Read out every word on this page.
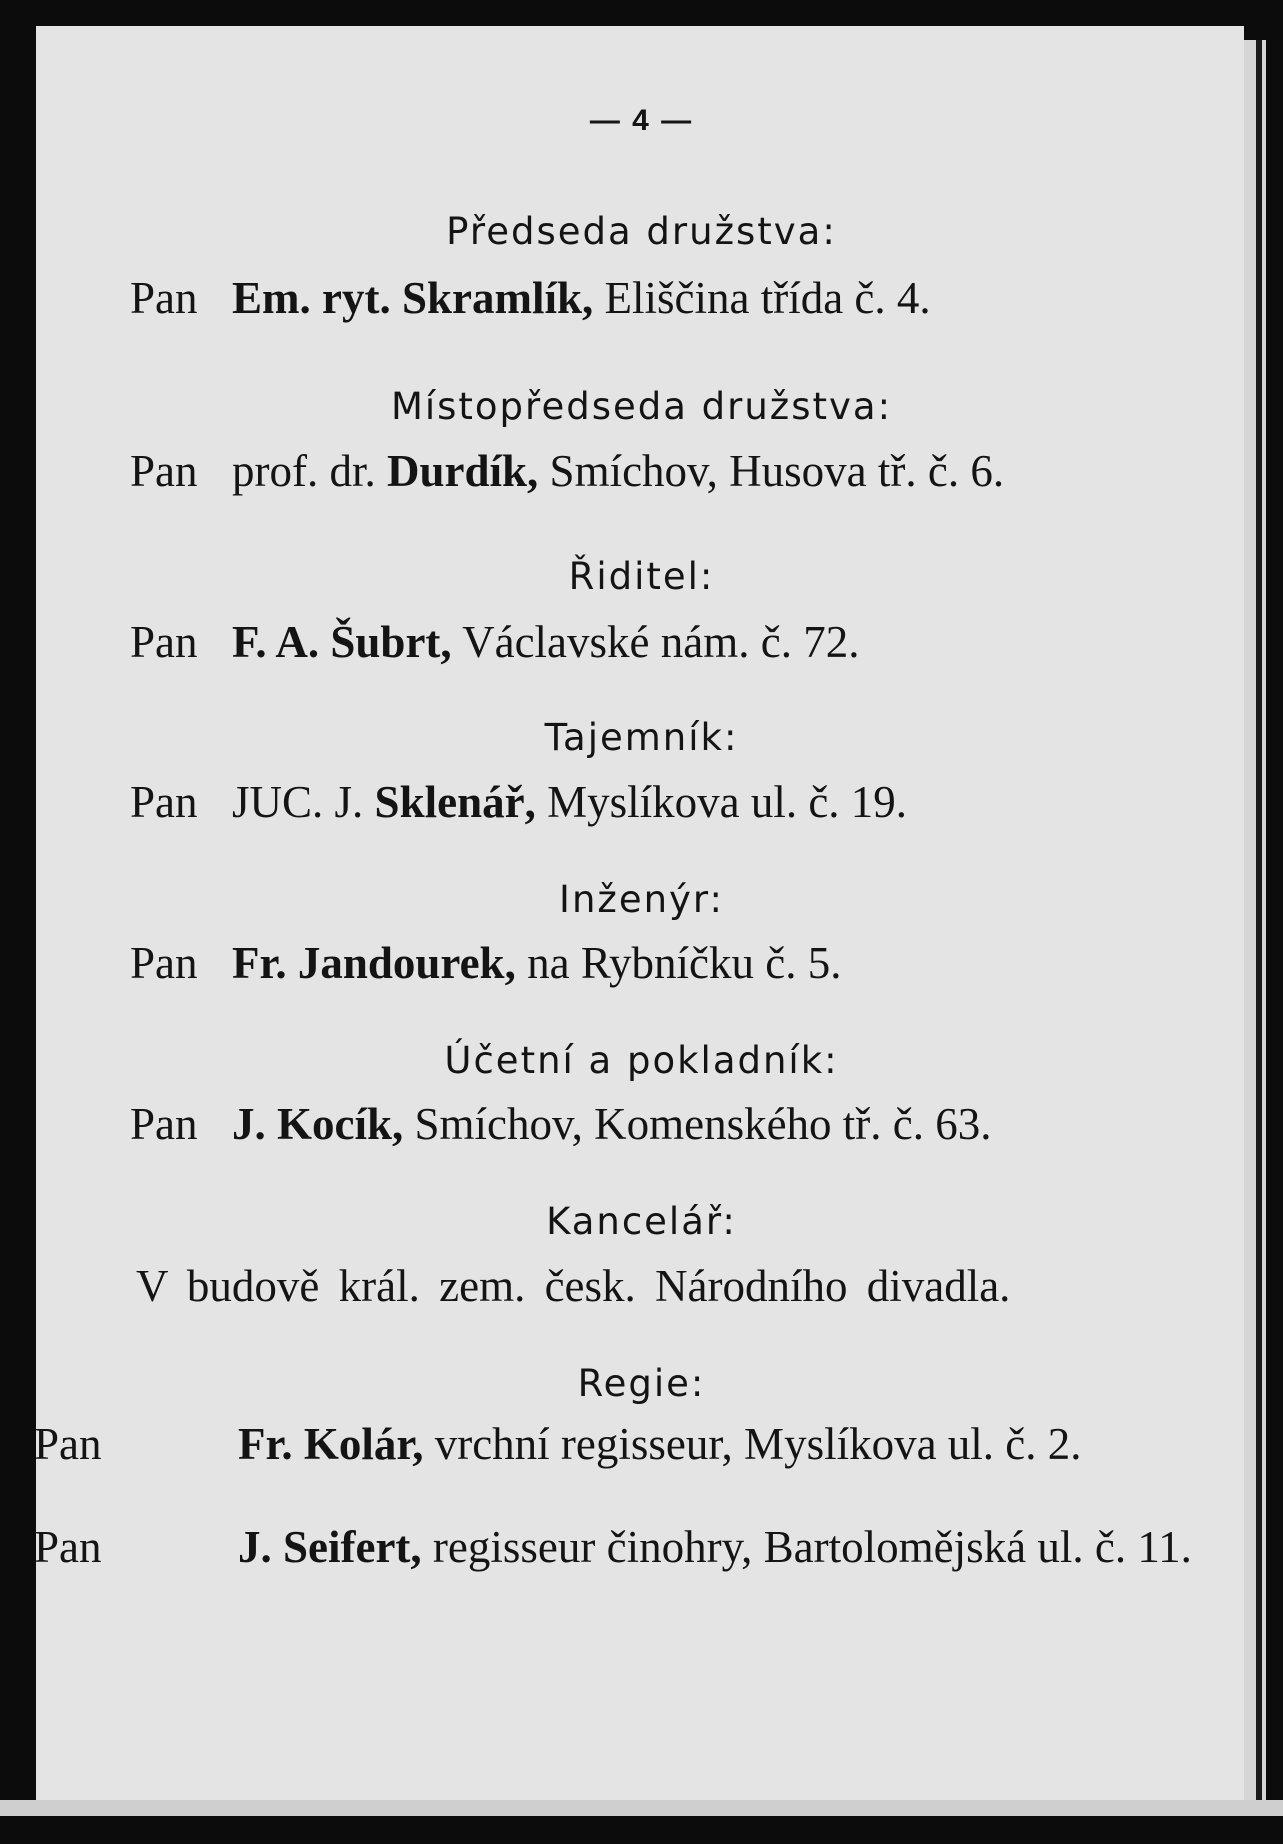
— 4 —
Předseda družstva:
Pan Em. ryt. Skramlík, Eliščina třída č. 4.
Místopředseda družstva:
Pan prof. dr. Durdík, Smíchov, Husova tř. č. 6.
Řiditel:
Pan F. A. Šubrt, Václavské nám. č. 72.
Tajemník:
Pan JUC. J. Sklenář, Myslíkova ul. č. 19.
Inženýr:
Pan Fr. Jandourek, na Rybníčku č. 5.
Účetní a pokladník:
Pan J. Kocík, Smíchov, Komenského tř. č. 63.
Kancelář:
V budově král. zem. česk. Národního divadla.
Regie:
Pan	Fr. Kolár, vrchní regisseur, Myslíkova ul. č. 2.
Pan	J. Seifert, regisseur činohry, Bartolomějská ul. č. 11.
